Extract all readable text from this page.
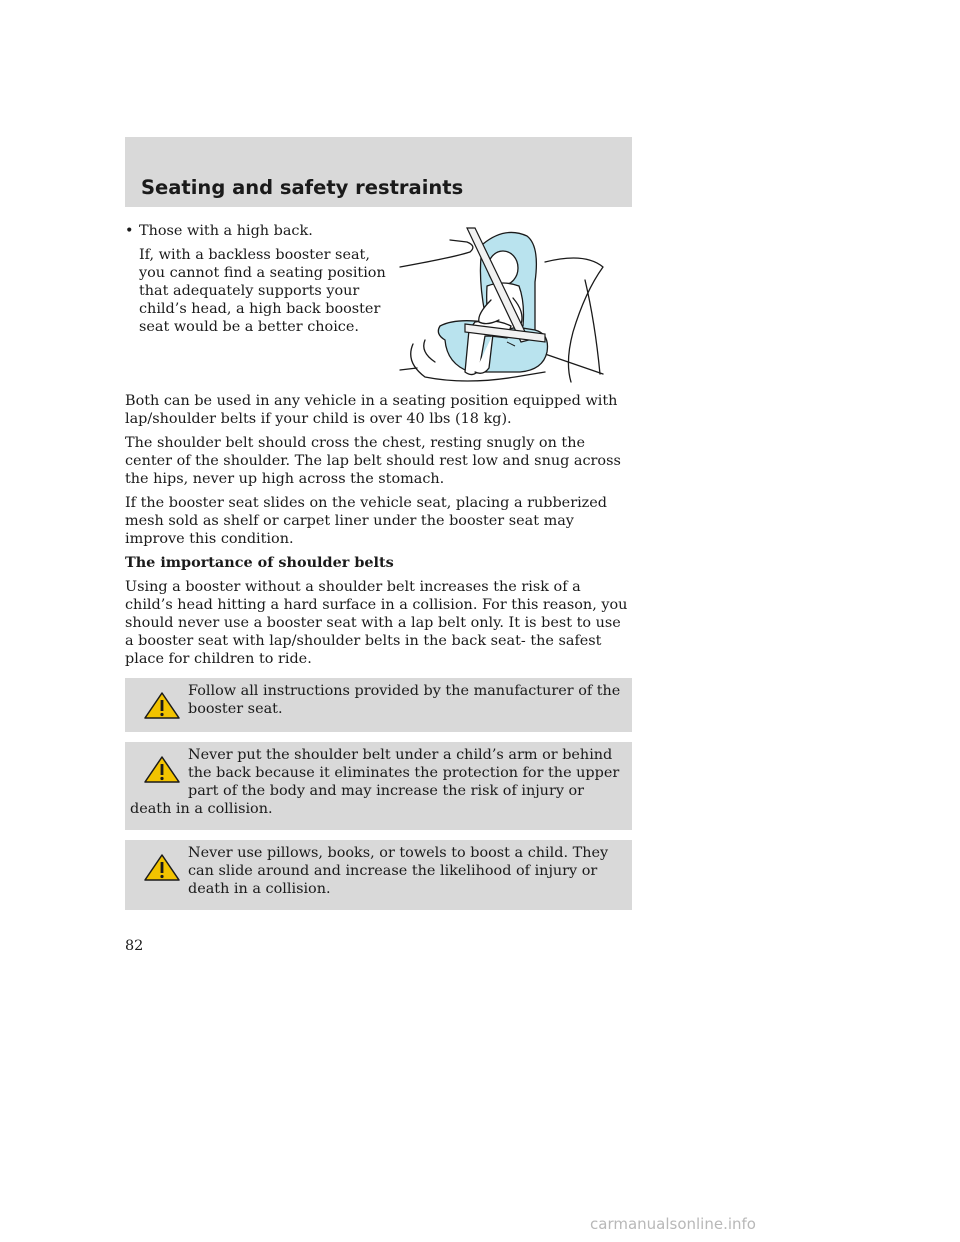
Seating and safety restraints
• Those with a high back.

If, with a backless booster seat, you cannot find a seating position that adequately supports your child’s head, a high back booster seat would be a better choice.

Both can be used in any vehicle in a seating position equipped with lap/shoulder belts if your child is over 40 lbs (18 kg).

The shoulder belt should cross the chest, resting snugly on the center of the shoulder. The lap belt should rest low and snug across the hips, never up high across the stomach.

If the booster seat slides on the vehicle seat, placing a rubberized mesh sold as shelf or carpet liner under the booster seat may improve this condition.

The importance of shoulder belts

Using a booster without a shoulder belt increases the risk of a child’s head hitting a hard surface in a collision. For this reason, you should never use a booster seat with a lap belt only. It is best to use a booster seat with lap/shoulder belts in the back seat- the safest place for children to ride.

Follow all instructions provided by the manufacturer of the booster seat.

Never put the shoulder belt under a child’s arm or behind the back because it eliminates the protection for the upper part of the body and may increase the risk of injury or death in a collision.

Never use pillows, books, or towels to boost a child. They can slide around and increase the likelihood of injury or death in a collision.

82
carmanualsonline.info
